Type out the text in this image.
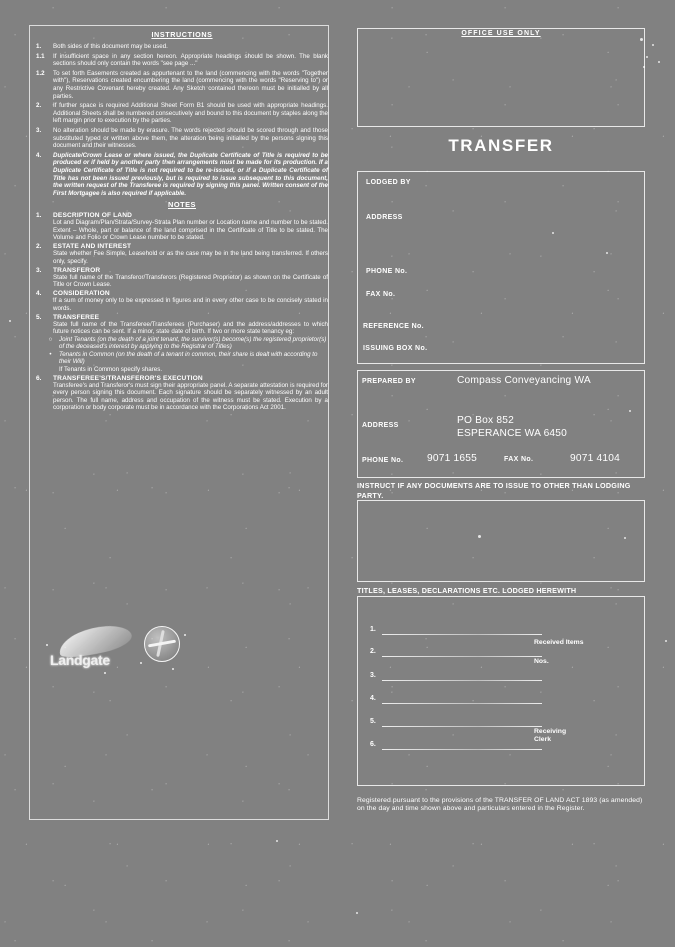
INSTRUCTIONS
1.	Both sides of this document may be used.
1.1	If insufficient space in any section hereon. Appropriate headings should be shown. The blank sections should only contain the words "see page ..."
1.2	To set forth Easements created as appurtenant to the land (commencing with the words "Together with"), Reservations created encumbering the land (commencing with the words "Reserving to") or any Restrictive Covenant hereby created. Any Sketch contained thereon must be initialled by all parties.
2.	If further space is required Additional Sheet Form B1 should be used with appropriate headings. Additional Sheets shall be numbered consecutively and bound to this document by staples along the left margin prior to execution by the parties.
3.	No alteration should be made by erasure. The words rejected should be scored through and those substituted typed or written above them, the alteration being initialled by the persons signing this document and their witnesses.
4.	Duplicate/Crown Lease or where issued, the Duplicate Certificate of Title is required to be produced or if held by another party then arrangements must be made for its production. If a Duplicate Certificate of Title is not required to be re-issued, or if a Duplicate Certificate of Title has not been issued previously, but is required to issue subsequent to this document, the written request of the Transferee is required by signing this panel. Written consent of the First Mortgagee is also required if applicable.
NOTES
1.	DESCRIPTION OF LAND
Lot and Diagram/Plan/Strata/Survey-Strata Plan number or Location name and number to be stated. Extent – Whole, part or balance of the land comprised in the Certificate of Title to be stated. The Volume and Folio or Crown Lease number to be stated.
2.	ESTATE AND INTEREST
State whether Fee Simple, Leasehold or as the case may be in the land being transferred. If others only, specify.
3.	TRANSFEROR
State full name of the Transferor/Transferors (Registered Proprietor) as shown on the Certificate of Title or Crown Lease.
4.	CONSIDERATION
If a sum of money only to be expressed in figures and in every other case to be concisely stated in words.
5.	TRANSFEREE
State full name of the Transferee/Transferees (Purchaser) and the address/addresses to which future notices can be sent. If a minor, state date of birth. If two or more state tenancy eg:
○	Joint Tenants (on the death of a joint tenant, the survivor(s) become(s) the registered proprietor(s) of the deceased's interest by applying to the Registrar of Titles)
•	Tenants in Common (on the death of a tenant in common, their share is dealt with according to their Will)
If Tenants in Common specify shares.
6.	TRANSFEREE'S/TRANSFEROR'S EXECUTION
Transferee's and Transferor's must sign their appropriate panel. A separate attestation is required for every person signing this document. Each signature should be separately witnessed by an adult person. The full name, address and occupation of the witness must be stated. Execution by a corporation or body corporate must be in accordance with the Corporations Act 2001.
Landgate
OFFICE USE ONLY
TRANSFER
LODGED BY
ADDRESS
PHONE No.
FAX No.
REFERENCE No.
ISSUING BOX No.
PREPARED BY	Compass Conveyancing WA
ADDRESS	PO Box 852
ESPERANCE WA 6450
PHONE No. 9071 1655	FAX No.	9071 4104
INSTRUCT IF ANY DOCUMENTS ARE TO ISSUE TO OTHER THAN LODGING PARTY.
TITLES, LEASES, DECLARATIONS ETC. LODGED HEREWITH
1.
2.
3.
4.
5.
6.
Received Items
Nos.
Receiving
Clerk
Registered pursuant to the provisions of the TRANSFER OF LAND ACT 1893 (as amended) on the day and time shown above and particulars entered in the Register.
